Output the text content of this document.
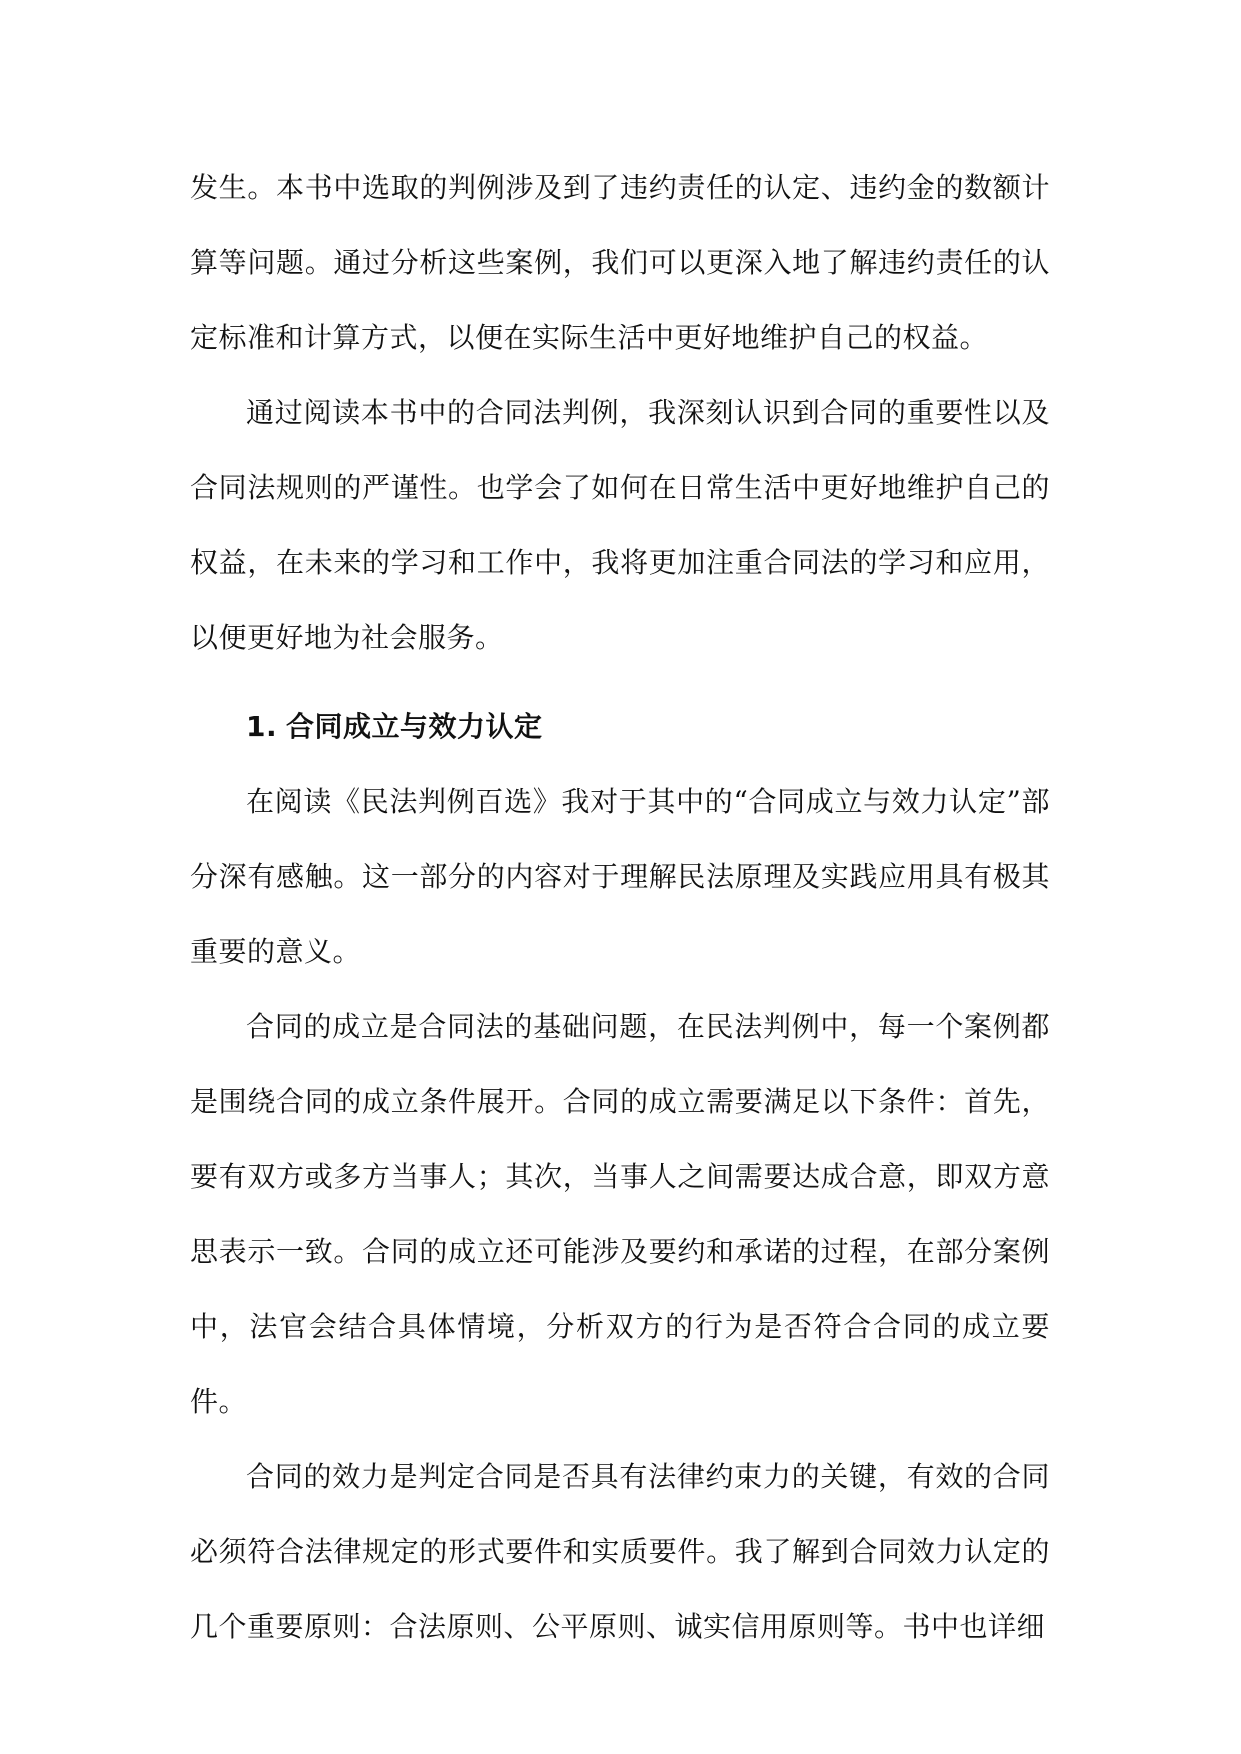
发生。本书中选取的判例涉及到了违约责任的认定、违约金的数额计算等问题。通过分析这些案例，我们可以更深入地了解违约责任的认定标准和计算方式，以便在实际生活中更好地维护自己的权益。

通过阅读本书中的合同法判例，我深刻认识到合同的重要性以及合同法规则的严谨性。也学会了如何在日常生活中更好地维护自己的权益，在未来的学习和工作中，我将更加注重合同法的学习和应用，以便更好地为社会服务。

1. 合同成立与效力认定

在阅读《民法判例百选》我对于其中的“合同成立与效力认定”部分深有感触。这一部分的内容对于理解民法原理及实践应用具有极其重要的意义。

合同的成立是合同法的基础问题，在民法判例中，每一个案例都是围绕合同的成立条件展开。合同的成立需要满足以下条件：首先，要有双方或多方当事人；其次，当事人之间需要达成合意，即双方意思表示一致。合同的成立还可能涉及要约和承诺的过程，在部分案例中，法官会结合具体情境，分析双方的行为是否符合合同的成立要件。

合同的效力是判定合同是否具有法律约束力的关键，有效的合同必须符合法律规定的形式要件和实质要件。我了解到合同效力认定的几个重要原则：合法原则、公平原则、诚实信用原则等。书中也详细
